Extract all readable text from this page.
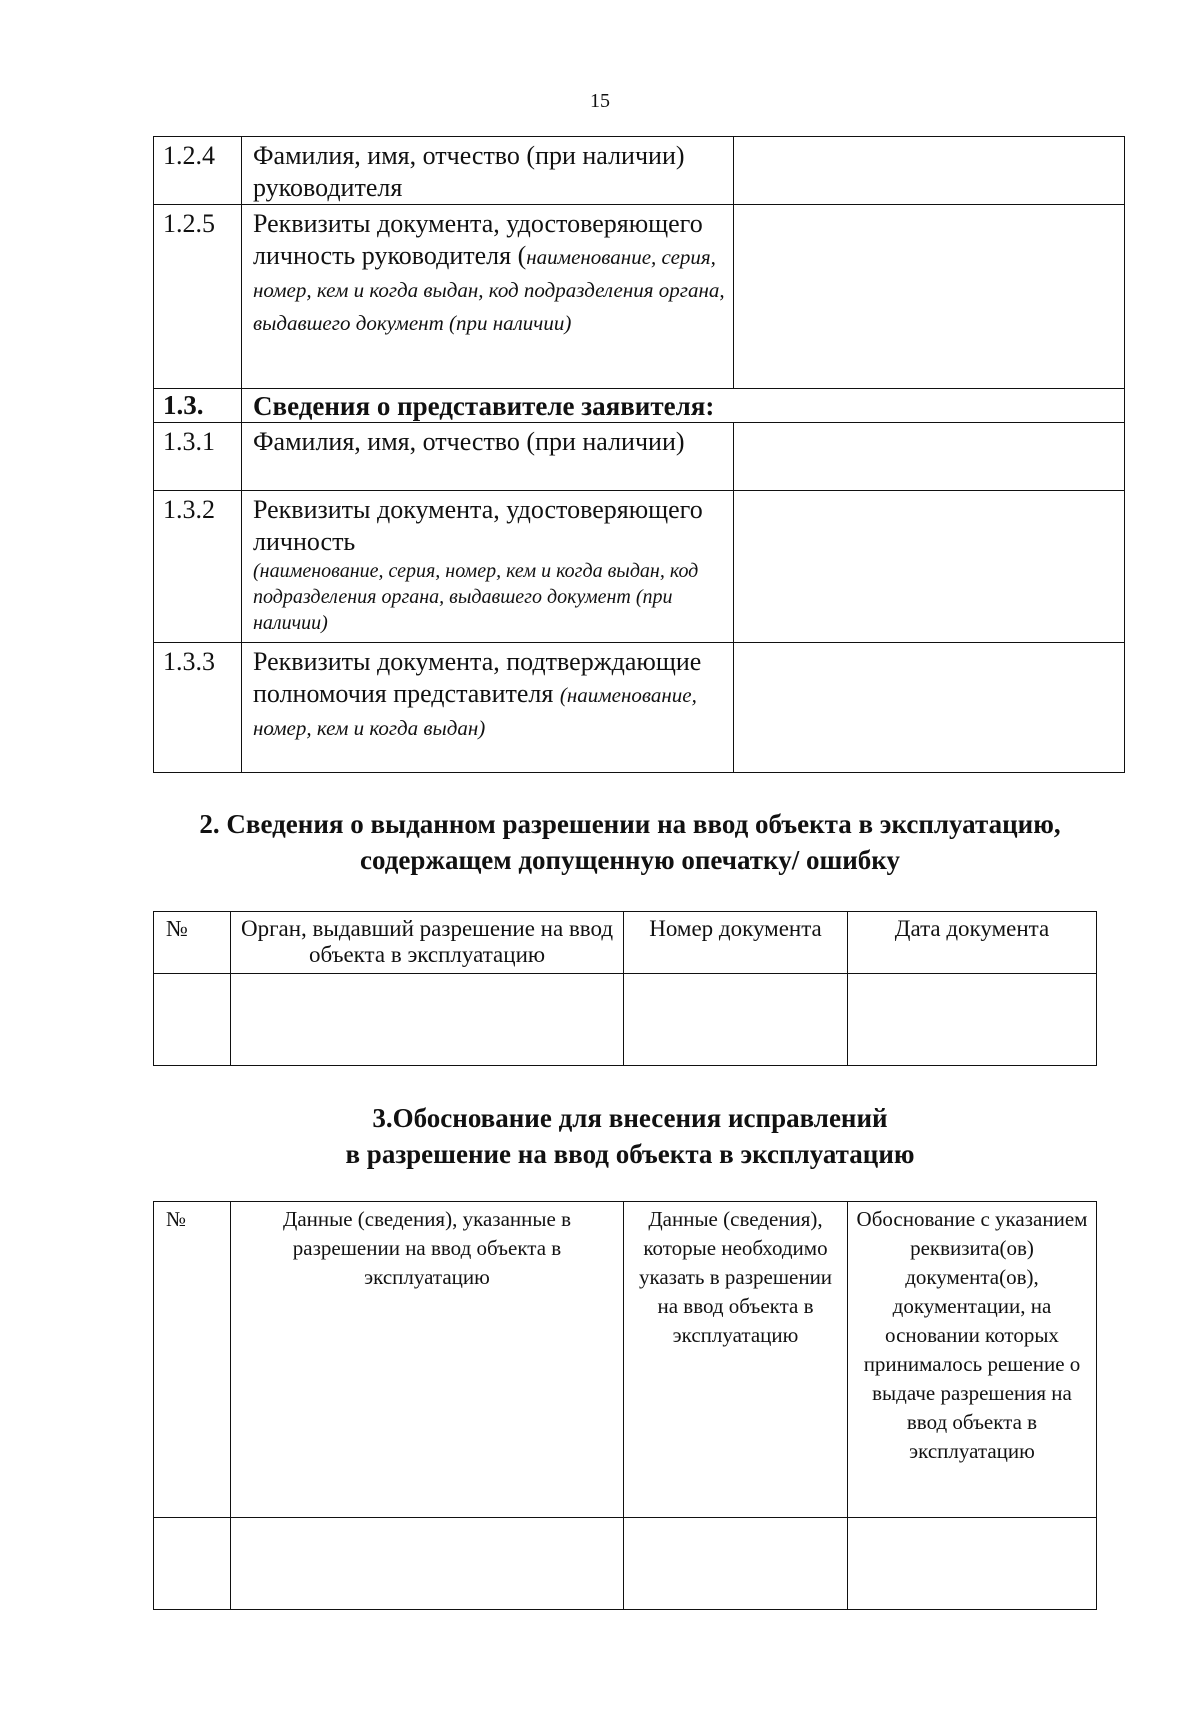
15
1.2.4	Фамилия, имя, отчество (при наличии) руководителя	
1.2.5	Реквизиты документа, удостоверяющего личность руководителя (наименование, серия, номер, кем и когда выдан, код подразделения органа, выдавшего документ (при наличии)	
1.3.	Сведения о представителе заявителя:	
1.3.1	Фамилия, имя, отчество (при наличии)	
1.3.2	Реквизиты документа, удостоверяющего личность
(наименование, серия, номер, кем и когда выдан, код подразделения органа, выдавшего документ (при наличии)	

1.3.3	Реквизиты документа, подтверждающие полномочия представителя (наименование, номер, кем и когда выдан)	
2. Сведения о выданном разрешении на ввод объекта в эксплуатацию,
содержащем допущенную опечатку/ ошибку
№	Орган, выдавший разрешение на ввод объекта в эксплуатацию	Номер документа	Дата документа

3.Обоснование для внесения исправлений
в разрешение на ввод объекта в эксплуатацию
№	Данные (сведения), указанные в разрешении на ввод объекта в эксплуатацию	Данные (сведения), которые необходимо указать в разрешении на ввод объекта в эксплуатацию	Обоснование с указанием реквизита(ов) документа(ов), документации, на основании которых принималось решение о выдаче разрешения на ввод объекта в эксплуатацию
